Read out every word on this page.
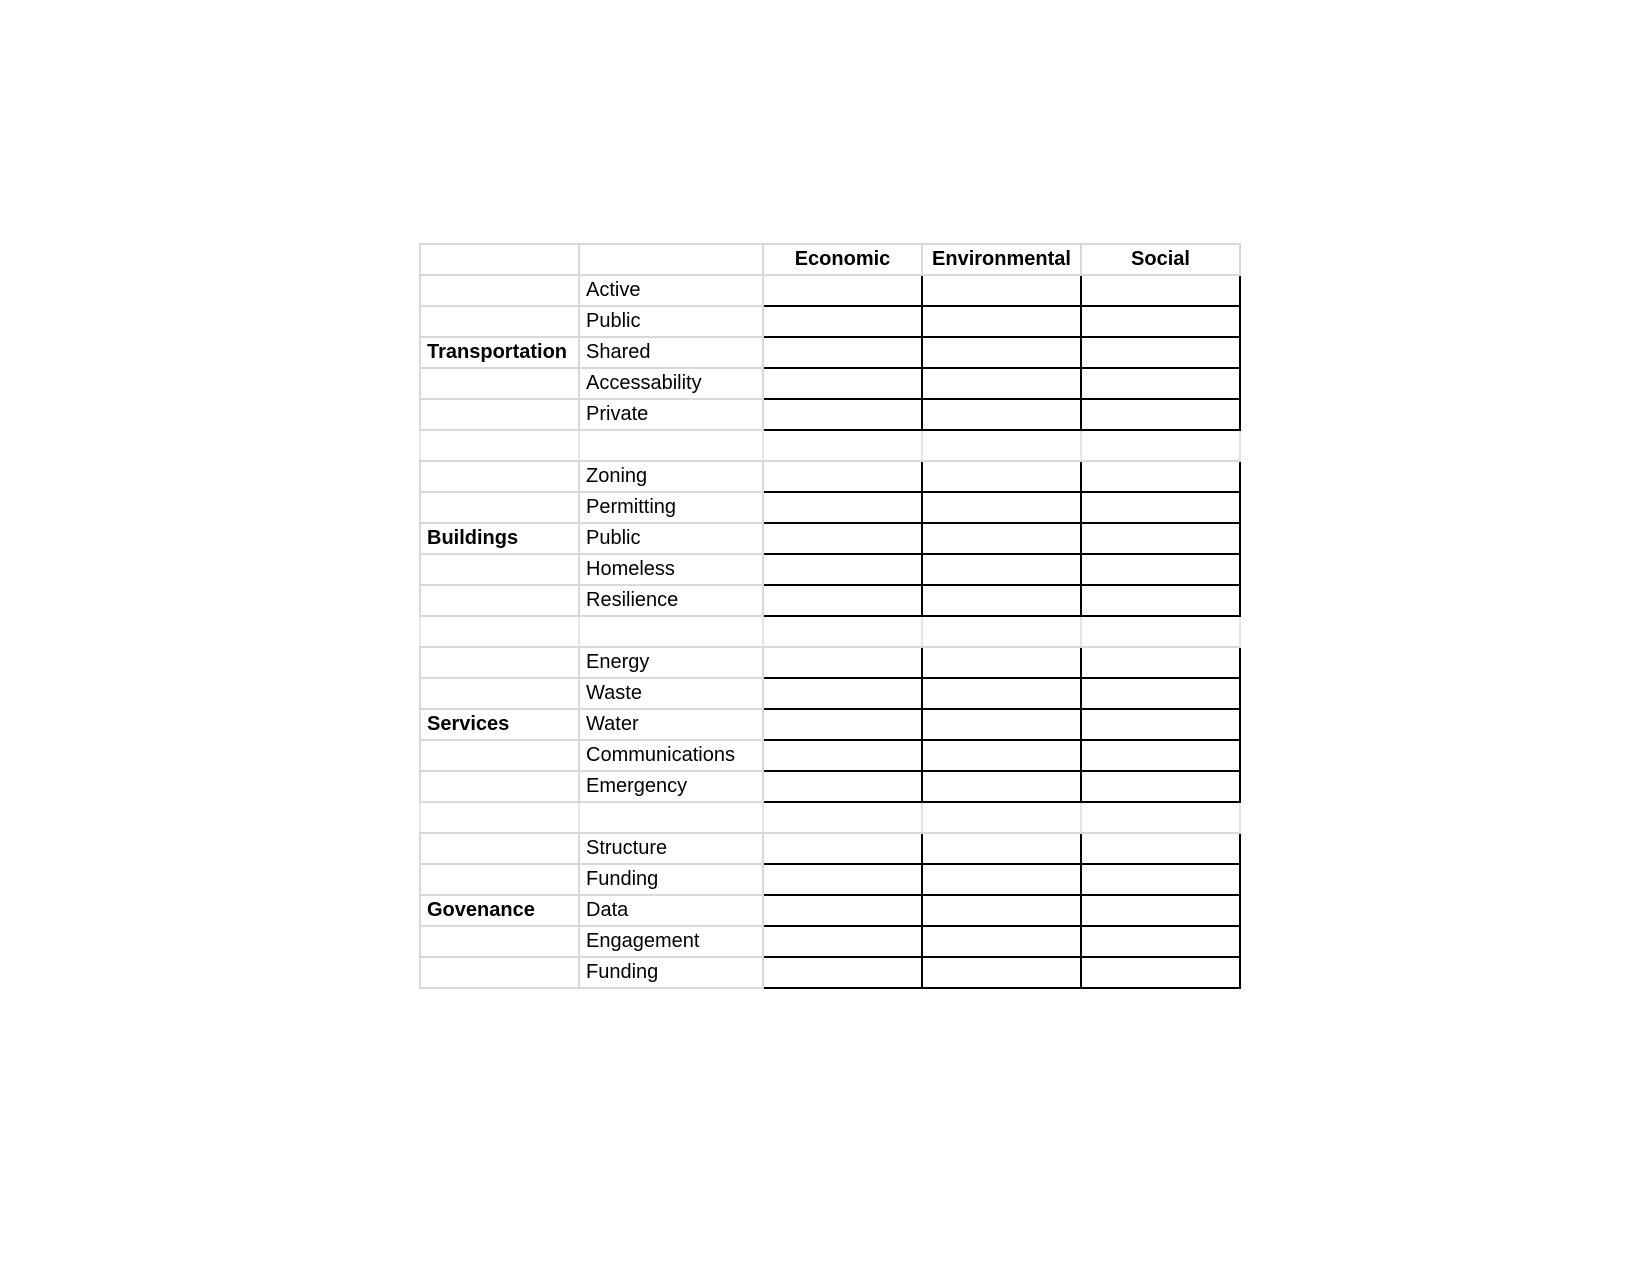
		Economic	Environmental	Social
	Active			
	Public			
Transportation	Shared			
	Accessability			
	Private			

	Zoning			
	Permitting			
Buildings	Public			
	Homeless			
	Resilience			

	Energy			
	Waste			
Services	Water			
	Communications			
	Emergency			

	Structure			
	Funding			
Govenance	Data			
	Engagement			
	Funding			
